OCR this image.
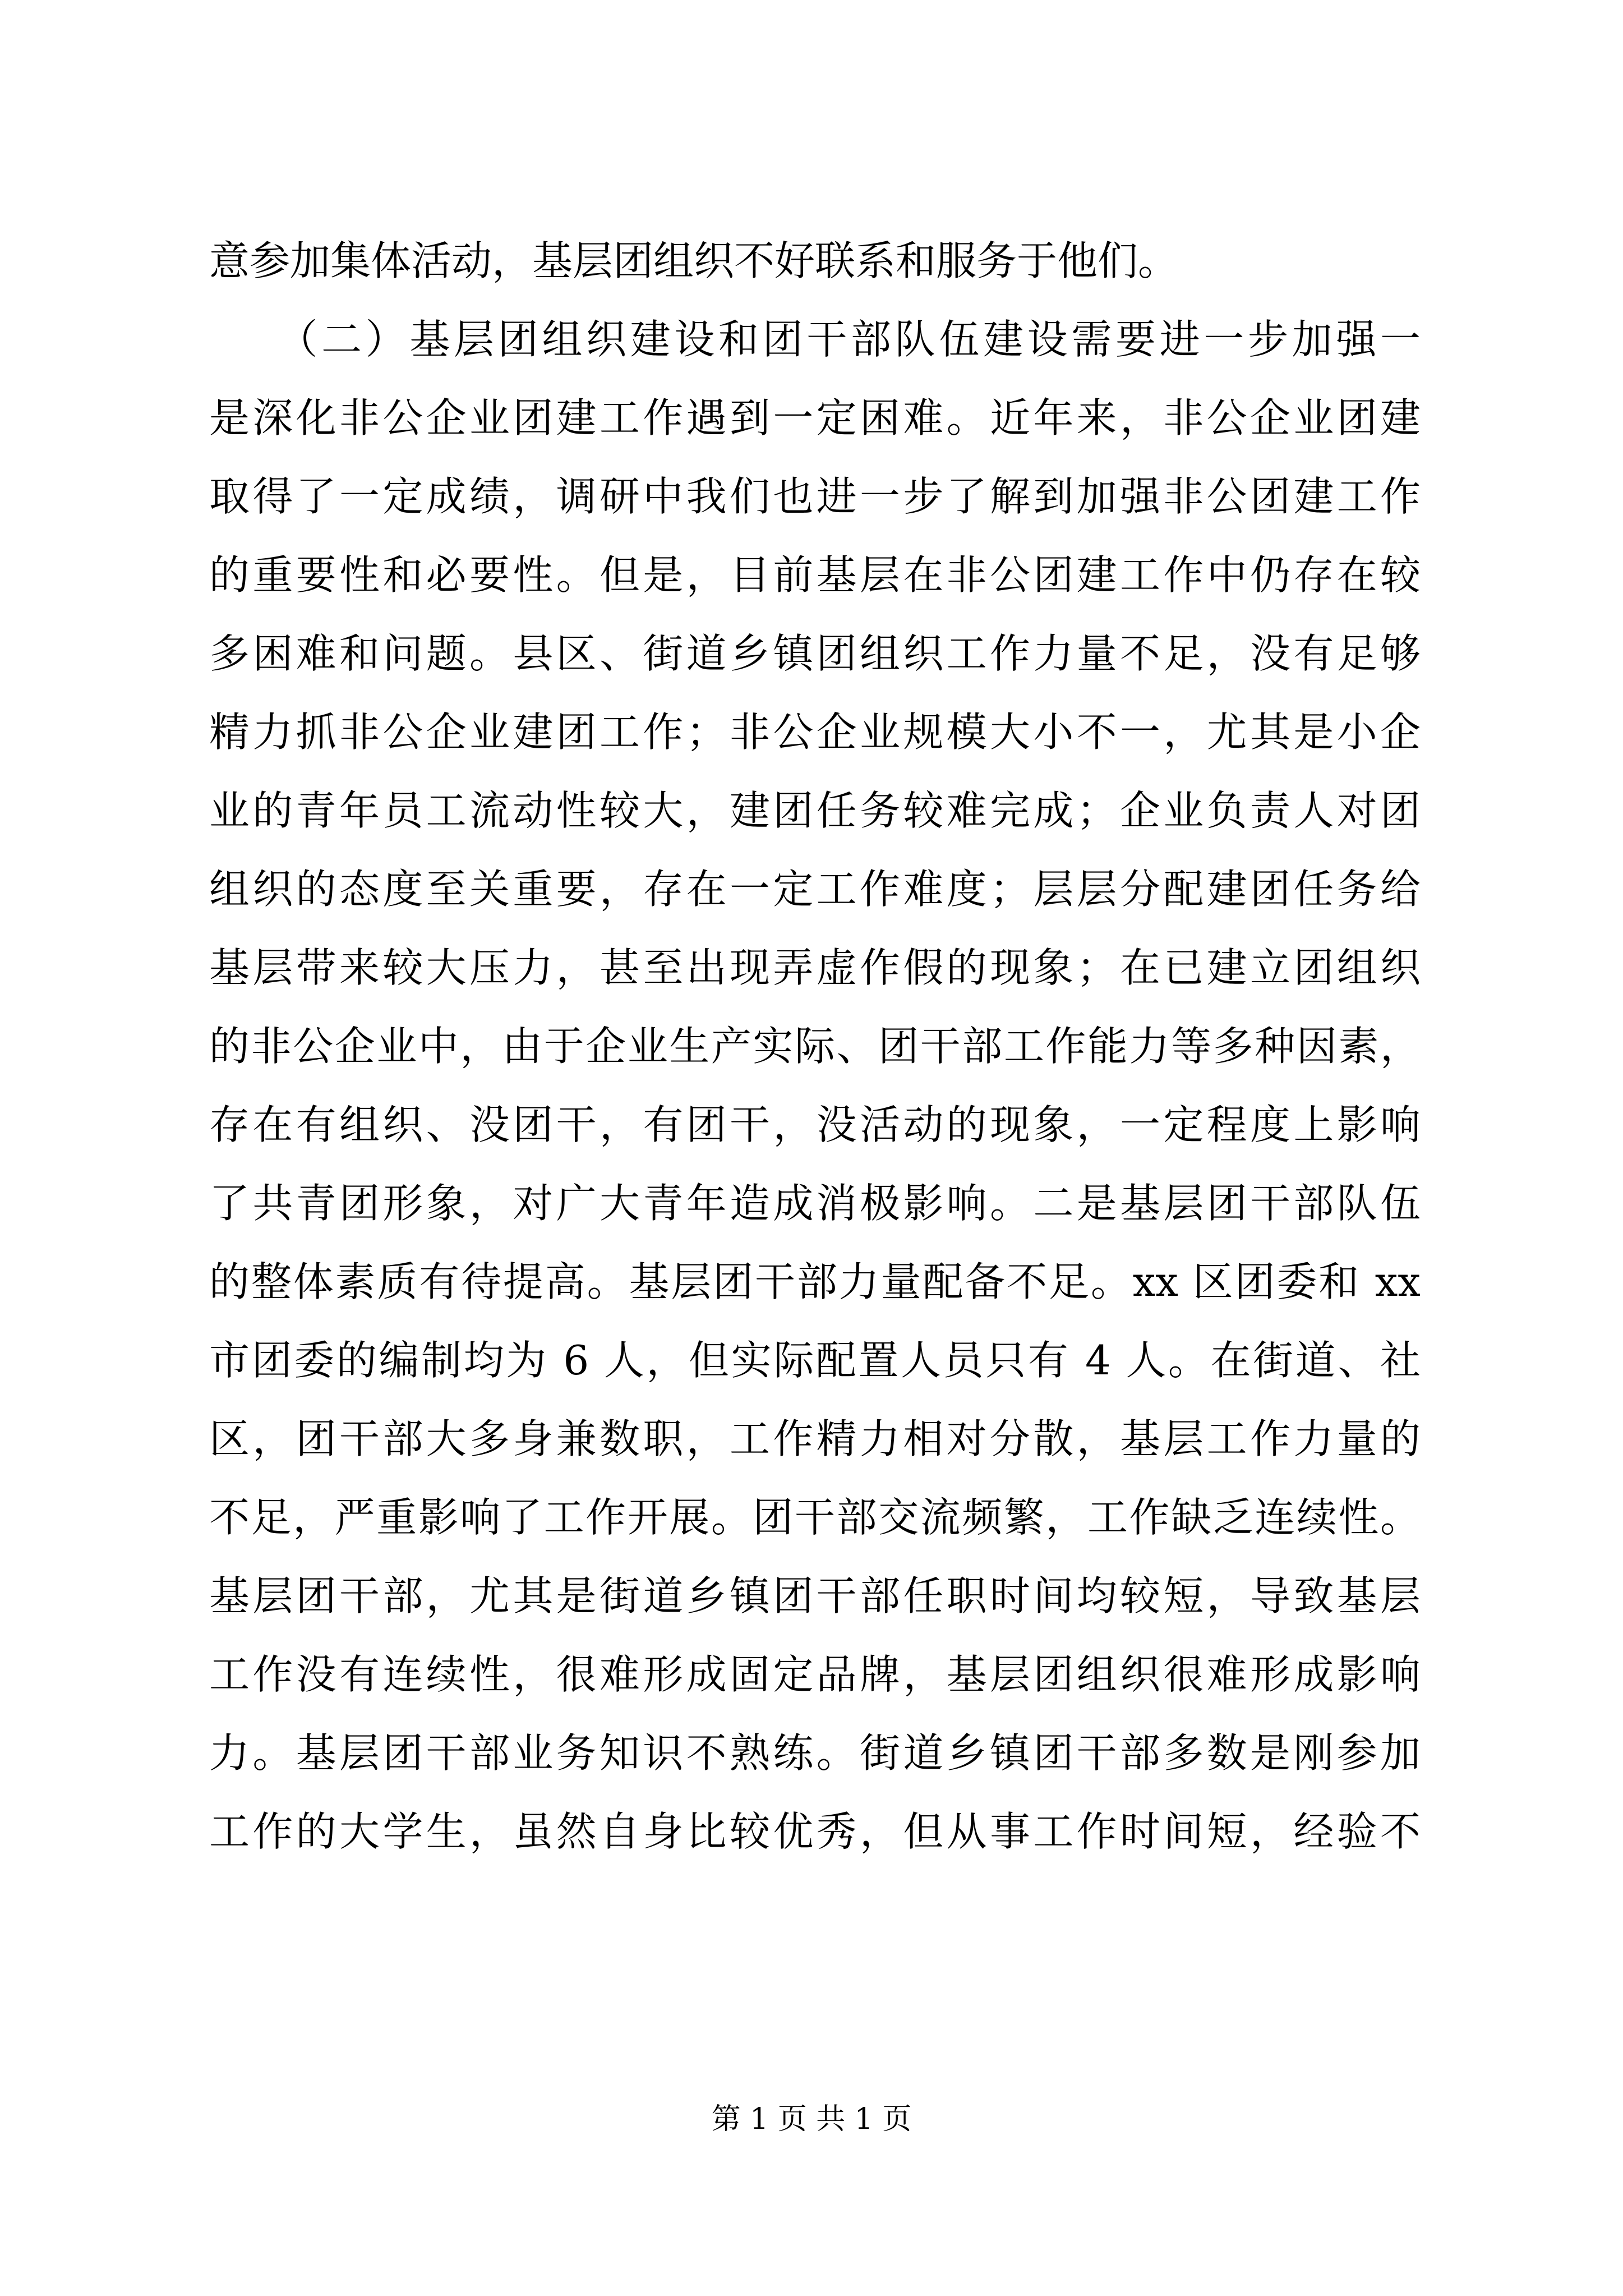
意参加集体活动，基层团组织不好联系和服务于他们。
　　（二）基层团组织建设和团干部队伍建设需要进一步加强一
是深化非公企业团建工作遇到一定困难。近年来，非公企业团建
取得了一定成绩，调研中我们也进一步了解到加强非公团建工作
的重要性和必要性。但是，目前基层在非公团建工作中仍存在较
多困难和问题。县区、街道乡镇团组织工作力量不足，没有足够
精力抓非公企业建团工作；非公企业规模大小不一，尤其是小企
业的青年员工流动性较大，建团任务较难完成；企业负责人对团
组织的态度至关重要，存在一定工作难度；层层分配建团任务给
基层带来较大压力，甚至出现弄虚作假的现象；在已建立团组织
的非公企业中，由于企业生产实际、团干部工作能力等多种因素，
存在有组织、没团干，有团干，没活动的现象，一定程度上影响
了共青团形象，对广大青年造成消极影响。二是基层团干部队伍
的整体素质有待提高。基层团干部力量配备不足。xx 区团委和 xx
市团委的编制均为 6 人，但实际配置人员只有 4 人。在街道、社
区，团干部大多身兼数职，工作精力相对分散，基层工作力量的
不足，严重影响了工作开展。团干部交流频繁，工作缺乏连续性。
基层团干部，尤其是街道乡镇团干部任职时间均较短，导致基层
工作没有连续性，很难形成固定品牌，基层团组织很难形成影响
力。基层团干部业务知识不熟练。街道乡镇团干部多数是刚参加
工作的大学生，虽然自身比较优秀，但从事工作时间短，经验不
第 1 页 共 1 页
